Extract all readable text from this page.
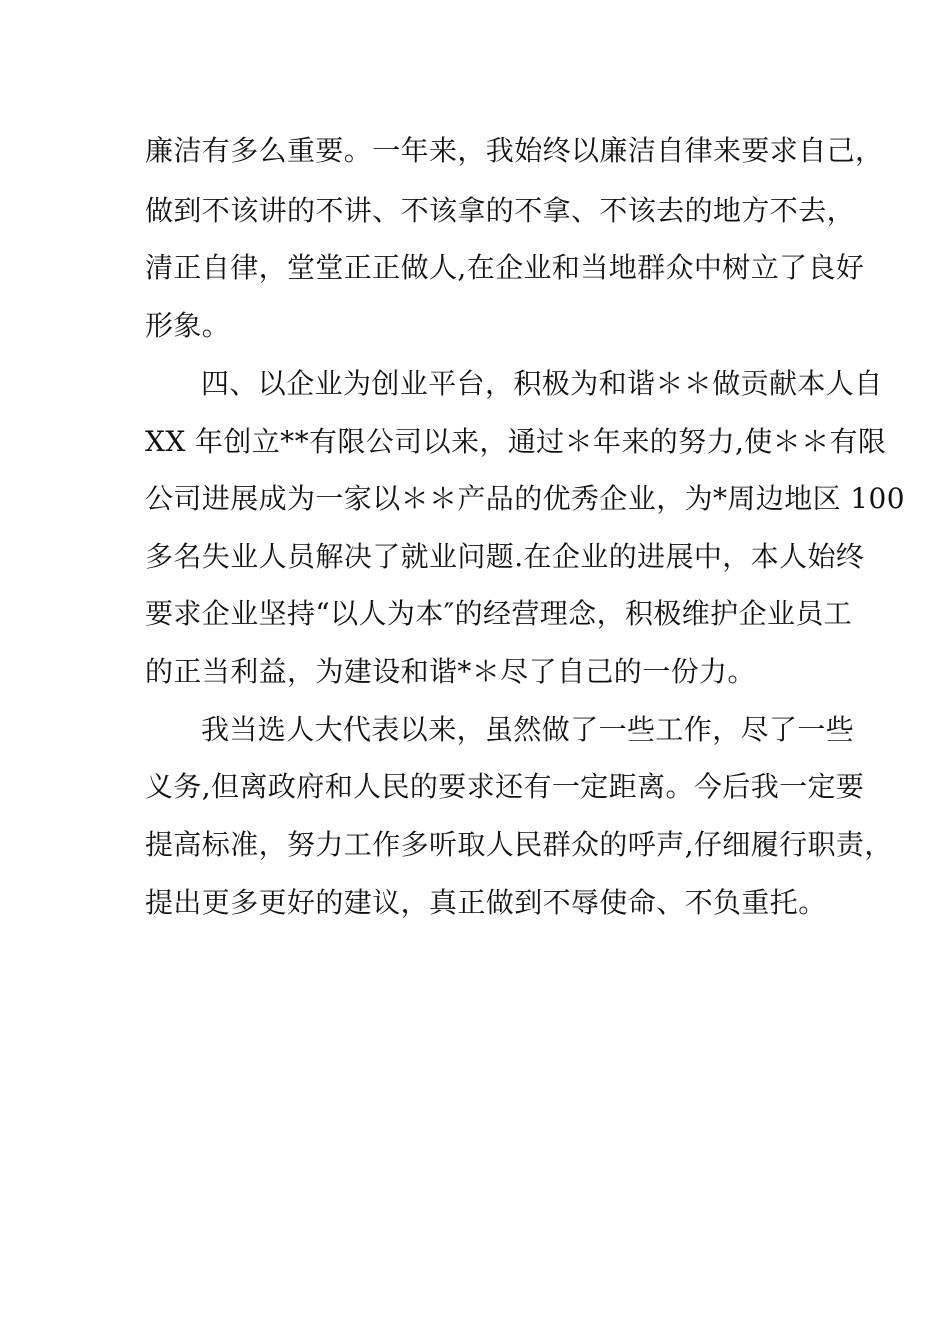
廉洁有多么重要。一年来，我始终以廉洁自律来要求自己，

做到不该讲的不讲、不该拿的不拿、不该去的地方不去，

清正自律，堂堂正正做人,在企业和当地群众中树立了良好

形象。

四、以企业为创业平台，积极为和谐＊＊做贡献本人自

XX 年创立**有限公司以来，通过＊年来的努力,使＊＊有限

公司进展成为一家以＊＊产品的优秀企业，为*周边地区 100

多名失业人员解决了就业问题.在企业的进展中，本人始终

要求企业坚持“以人为本″的经营理念，积极维护企业员工

的正当利益，为建设和谐*＊尽了自己的一份力。

我当选人大代表以来，虽然做了一些工作，尽了一些

义务,但离政府和人民的要求还有一定距离。今后我一定要

提高标准，努力工作多听取人民群众的呼声,仔细履行职责，

提出更多更好的建议，真正做到不辱使命、不负重托。
